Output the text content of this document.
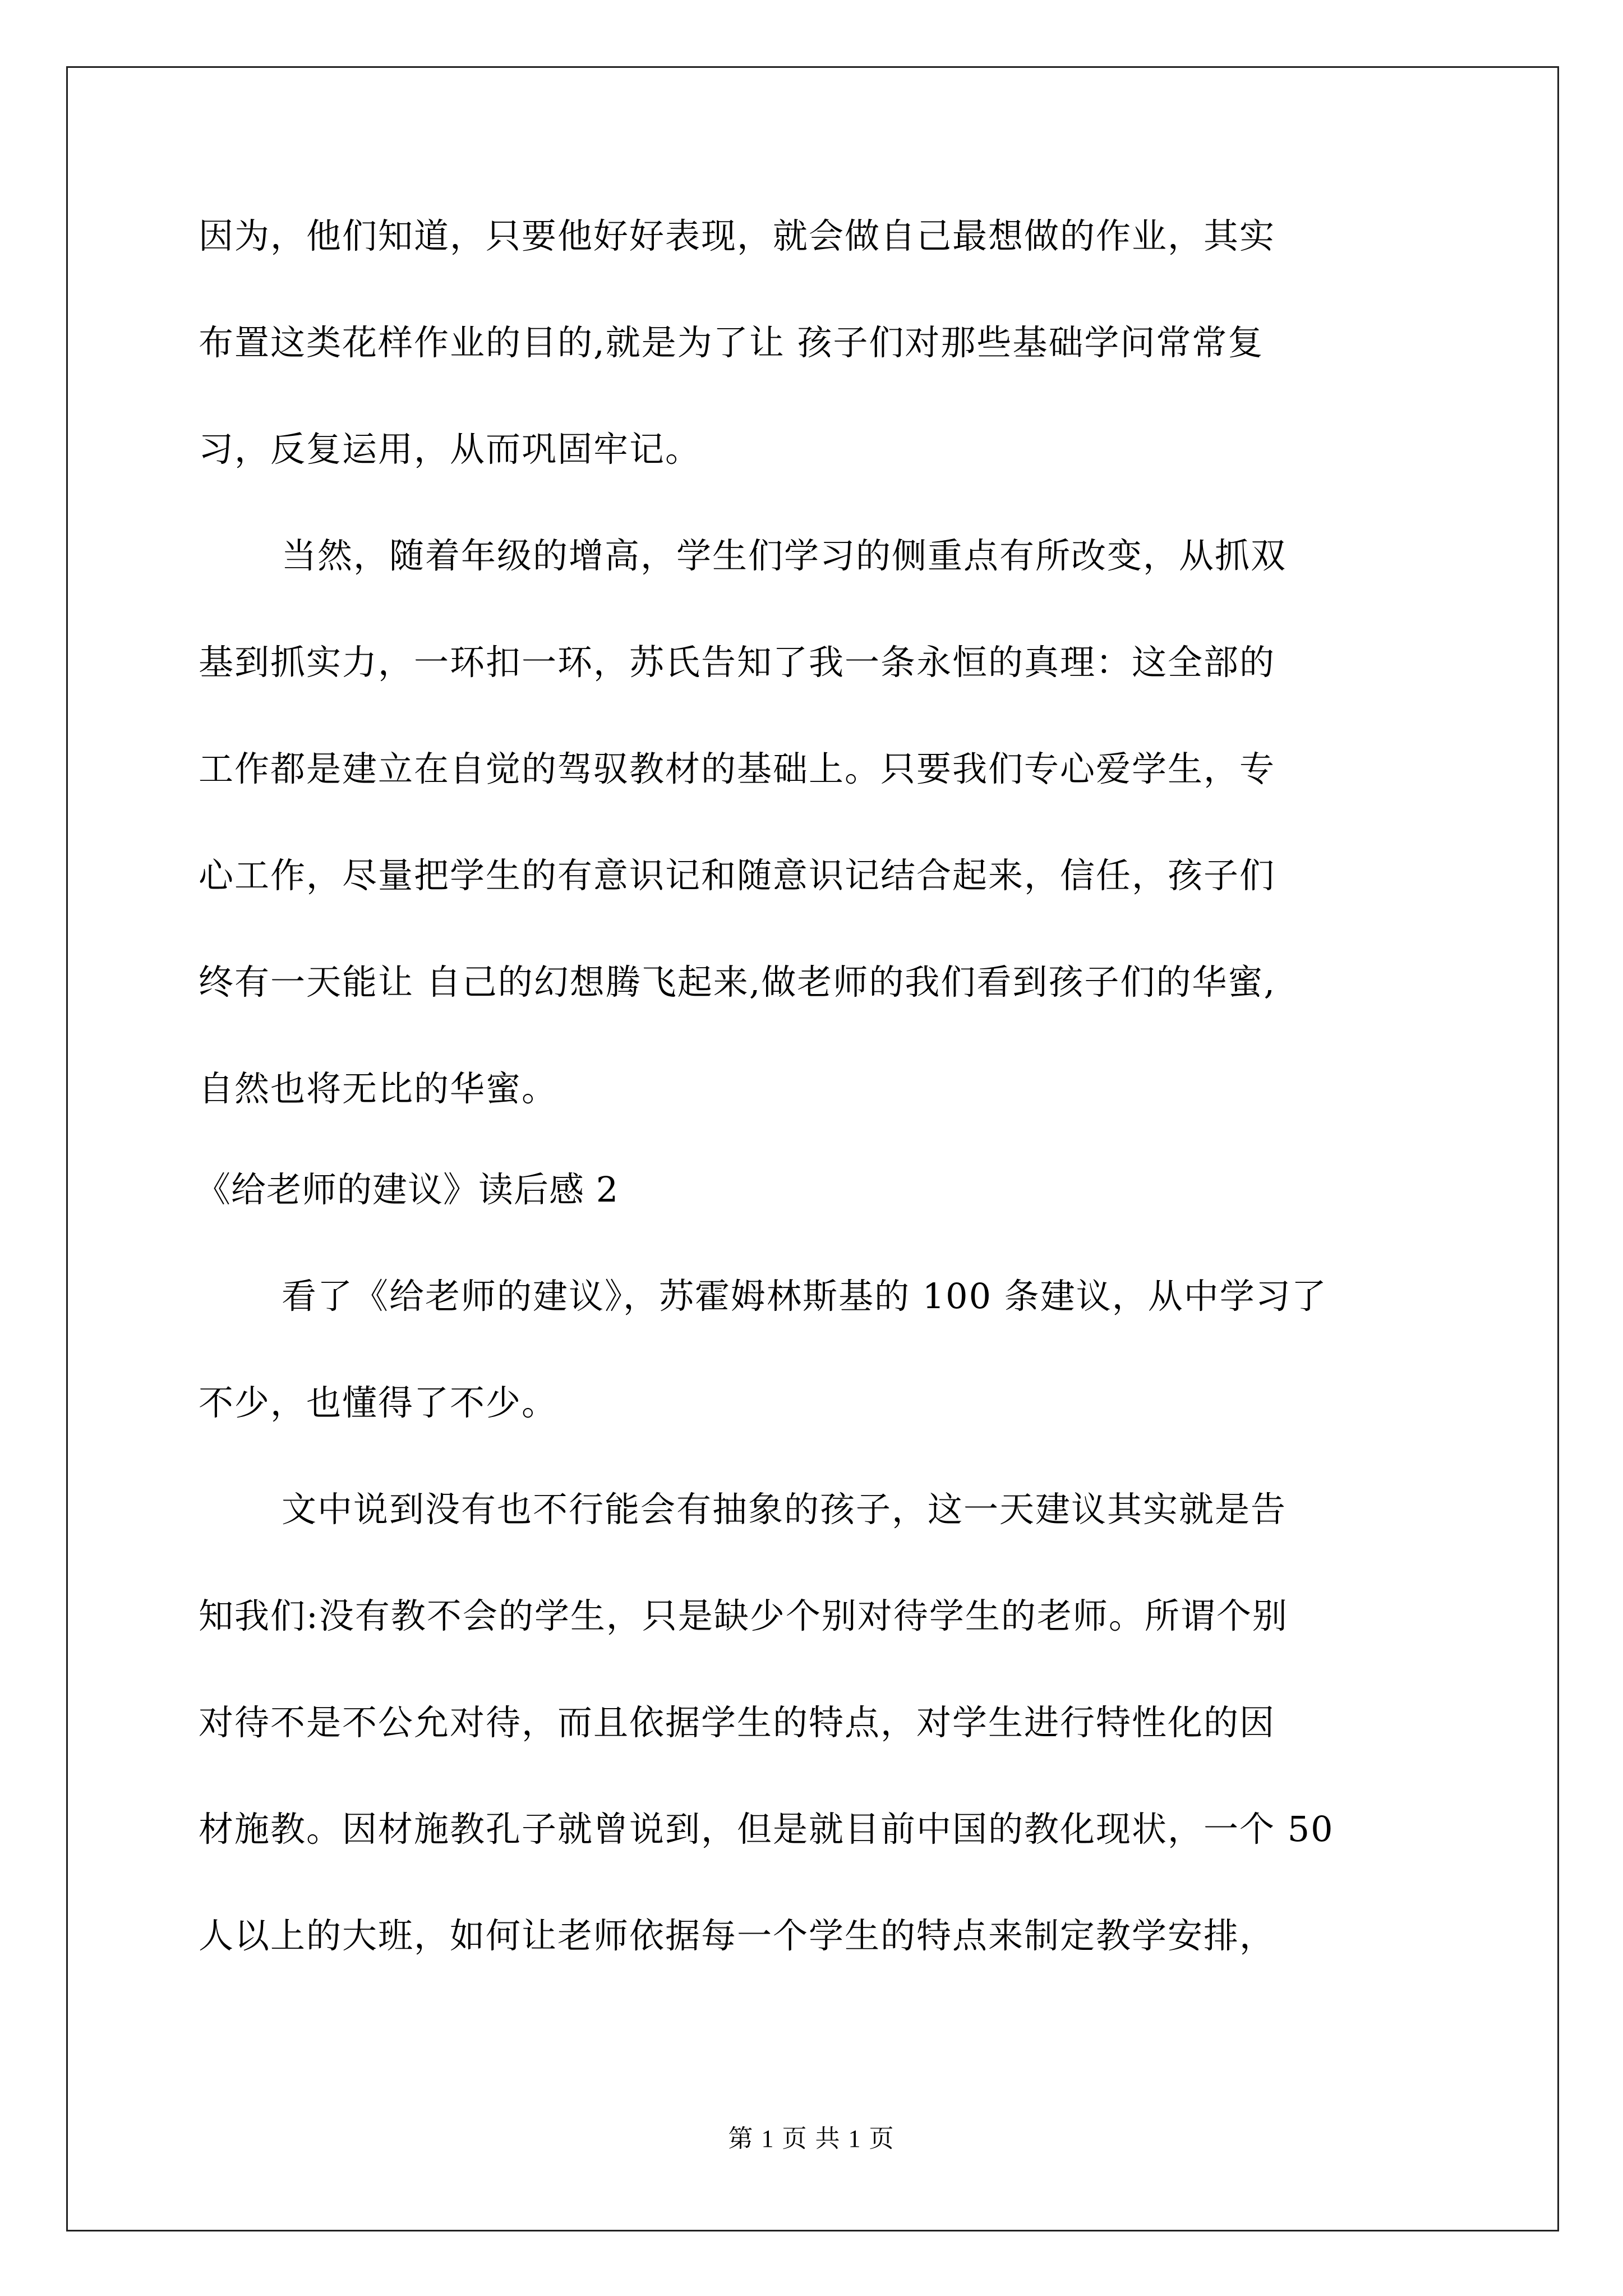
因为，他们知道，只要他好好表现，就会做自己最想做的作业，其实
布置这类花样作业的目的,就是为了让 孩子们对那些基础学问常常复
习，反复运用，从而巩固牢记。
当然，随着年级的增高，学生们学习的侧重点有所改变，从抓双
基到抓实力，一环扣一环，苏氏告知了我一条永恒的真理：这全部的
工作都是建立在自觉的驾驭教材的基础上。只要我们专心爱学生，专
心工作，尽量把学生的有意识记和随意识记结合起来，信任，孩子们
终有一天能让 自己的幻想腾飞起来,做老师的我们看到孩子们的华蜜,
自然也将无比的华蜜。
《给老师的建议》读后感 2
看了《给老师的建议》，苏霍姆林斯基的 100 条建议，从中学习了
不少，也懂得了不少。
文中说到没有也不行能会有抽象的孩子，这一天建议其实就是告
知我们:没有教不会的学生，只是缺少个别对待学生的老师。所谓个别
对待不是不公允对待，而且依据学生的特点，对学生进行特性化的因
材施教。因材施教孔子就曾说到，但是就目前中国的教化现状，一个 50
人以上的大班，如何让老师依据每一个学生的特点来制定教学安排，
第 1 页 共 1 页
